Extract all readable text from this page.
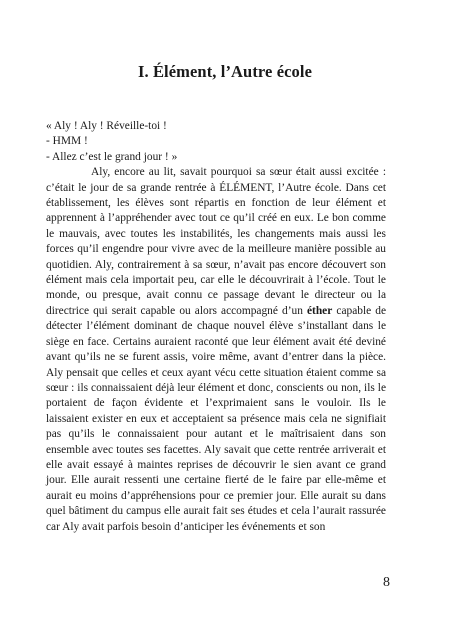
I. Élément, l’Autre école

« Aly ! Aly ! Réveille-toi !

- HMM !

- Allez c’est le grand jour ! »

Aly, encore au lit, savait pourquoi sa sœur était aussi excitée : c’était le jour de sa grande rentrée à ÉLÉMENT, l’Autre école. Dans cet établissement, les élèves sont répartis en fonction de leur élément et apprennent à l’appréhender avec tout ce qu’il créé en eux. Le bon comme le mauvais, avec toutes les instabilités, les changements mais aussi les forces qu’il engendre pour vivre avec de la meilleure manière possible au quotidien. Aly, contrairement à sa sœur, n’avait pas encore découvert son élément mais cela importait peu, car elle le découvrirait à l’école. Tout le monde, ou presque, avait connu ce passage devant le directeur ou la directrice qui serait capable ou alors accompagné d’un éther capable de détecter l’élément dominant de chaque nouvel élève s’installant dans le siège en face. Certains auraient raconté que leur élément avait été deviné avant qu’ils ne se furent assis, voire même, avant d’entrer dans la pièce. Aly pensait que celles et ceux ayant vécu cette situation étaient comme sa sœur : ils connaissaient déjà leur élément et donc, conscients ou non, ils le portaient de façon évidente et l’exprimaient sans le vouloir. Ils le laissaient exister en eux et acceptaient sa présence mais cela ne signifiait pas qu’ils le connaissaient pour autant et le maîtrisaient dans son ensemble avec toutes ses facettes. Aly savait que cette rentrée arriverait et elle avait essayé à maintes reprises de découvrir le sien avant ce grand jour. Elle aurait ressenti une certaine fierté de le faire par elle-même et aurait eu moins d’appréhensions pour ce premier jour. Elle aurait su dans quel bâtiment du campus elle aurait fait ses études et cela l’aurait rassurée car Aly avait parfois besoin d’anticiper les événements et son

8
